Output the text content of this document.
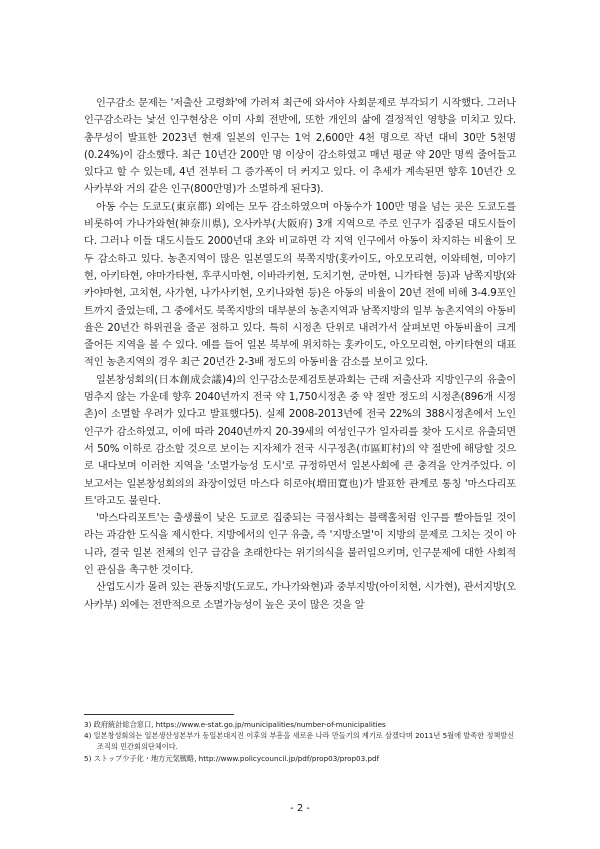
인구감소 문제는 '저출산 고령화'에 가려져 최근에 와서야 사회문제로 부각되기 시작했다. 그러나 인구감소라는 낯선 인구현상은 이미 사회 전반에, 또한 개인의 삶에 결정적인 영향을 미치고 있다. 총무성이 발표한 2023년 현재 일본의 인구는 1억 2,600만 4천 명으로 작년 대비 30만 5천명(0.24%)이 감소했다. 최근 10년간 200만 명 이상이 감소하였고 매년 평균 약 20만 명씩 줄어들고 있다고 할 수 있는데, 4년 전부터 그 증가폭이 더 커지고 있다. 이 추세가 계속된면 향후 10년간 오사카부와 거의 같은 인구(800만명)가 소멸하게 된다3).

아동 수는 도쿄도(東京都) 외에는 모두 감소하였으며 아동수가 100만 명을 넘는 곳은 도쿄도를 비롯하여 가나가와현(神奈川県), 오사카부(大阪府) 3개 지역으로 주로 인구가 집중된 대도시들이다. 그러나 이들 대도시들도 2000년대 초와 비교하면 각 지역 인구에서 아동이 차지하는 비율이 모두 감소하고 있다. 농촌지역이 많은 일본열도의 북쪽지방(홋카이도, 아오모리현, 이와테현, 미야기현, 아키타현, 야마가타현, 후쿠시마현, 이바라키현, 도치기현, 군마현, 니가타현 등)과 남쪽지방(와카야마현, 고치현, 사가현, 나가사키현, 오키나와현 등)은 아동의 비율이 20년 전에 비해 3-4.9포인트까지 줄었는데, 그 중에서도 북쪽지방의 대부분의 농촌지역과 남쪽지방의 일부 농촌지역의 아동비율은 20년간 하위권을 줄곧 점하고 있다. 특히 시정촌 단위로 내려가서 살펴보면 아동비율이 크게 줄어든 지역을 볼 수 있다. 예를 들어 일본 북부에 위치하는 홋카이도, 아오모리현, 아키타현의 대표적인 농촌지역의 경우 최근 20년간 2-3배 정도의 아동비율 감소를 보이고 있다.

일본창성회의(日本創成会議)4)의 인구감소문제검토분과회는 근래 저출산과 지방인구의 유출이 멈추지 않는 가운데 향후 2040년까지 전국 약 1,750시정촌 중 약 절반 정도의 시정촌(896개 시정촌)이 소멸할 우려가 있다고 발표했다5). 실제 2008-2013년에 전국 22%의 388시정촌에서 노인인구가 감소하였고, 이에 따라 2040년까지 20-39세의 여성인구가 일자리를 찾아 도시로 유출되면서 50% 이하로 감소할 것으로 보이는 지자체가 전국 시구정촌(市區町村)의 약 절반에 해당할 것으로 내다보며 이러한 지역을 '소멸가능성 도시'로 규정하면서 일본사회에 큰 충격을 안겨주었다. 이 보고서는 일본창성회의의 좌장이었던 마스다 히로야(増田寛也)가 발표한 관계로 통칭 '마스다리포트'라고도 불린다.

'마스다리포트'는 출생률이 낮은 도쿄로 집중되는 극점사회는 블랙홀처럼 인구를 빨아들일 것이라는 과감한 도식을 제시한다. 지방에서의 인구 유출, 즉 '지방소멸'이 지방의 문제로 그치는 것이 아니라, 결국 일본 전체의 인구 급감을 초래한다는 위기의식을 불러일으키며, 인구문제에 대한 사회적인 관심을 촉구한 것이다.

산업도시가 몰려 있는 관동지방(도쿄도, 가나가와현)과 중부지방(아이치현, 시가현), 관서지방(오사카부) 외에는 전반적으로 소멸가능성이 높은 곳이 많은 것을 알

3) 政府統計総合窓口, https://www.e-stat.go.jp/municipalities/number-of-municipalities

4) 일본창성회의는 일본생산성본부가 동일본대지진 이후의 부흥을 새로운 나라 만들기의 계기로 삼겠다며 2011년 5월에 발족한 정책발신조직의 민간회의단체이다.

5) ストップ少子化・地方元気戦略, http://www.policycouncil.jp/pdf/prop03/prop03.pdf

- 2 -
